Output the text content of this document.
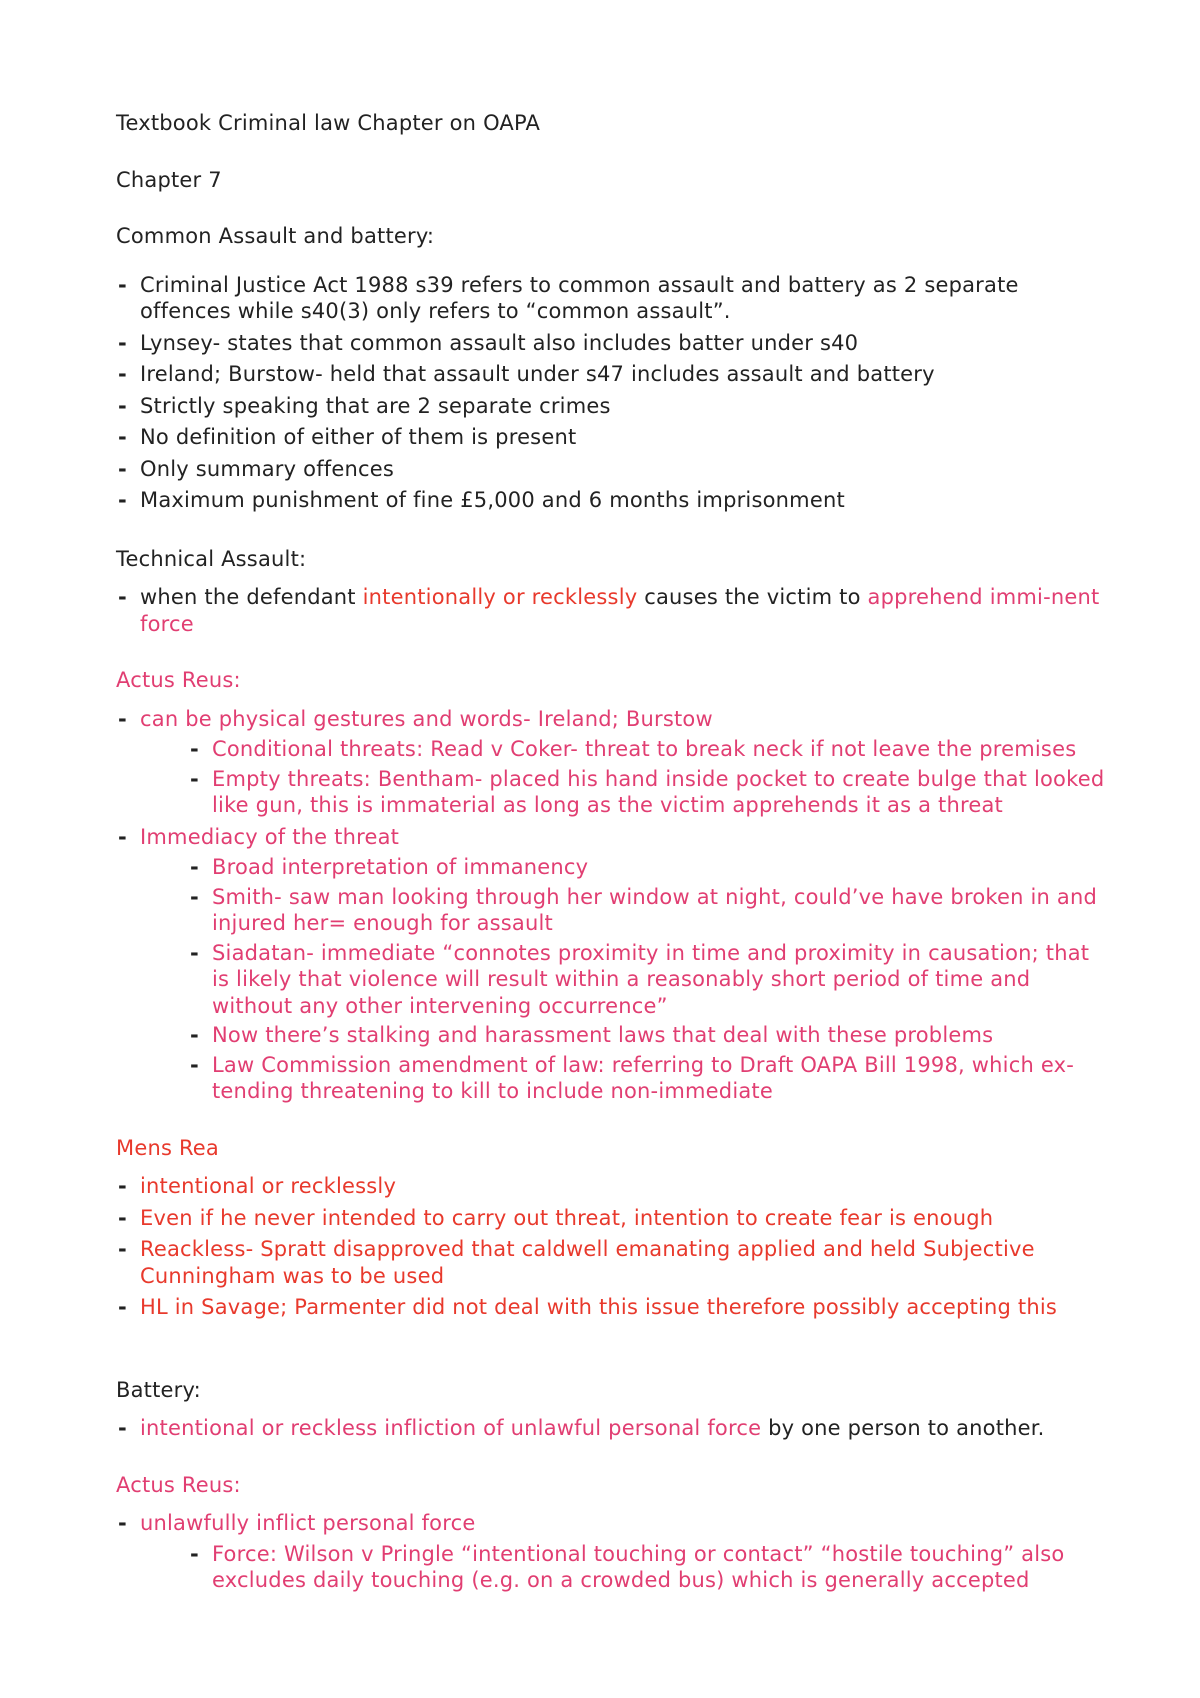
Textbook Criminal law Chapter on OAPA

Chapter 7

Common Assault and battery:

- Criminal Justice Act 1988 s39 refers to common assault and battery as 2 separate offences while s40(3) only refers to “common assault”.
- Lynsey- states that common assault also includes batter under s40
- Ireland; Burstow- held that assault under s47 includes assault and battery
- Strictly speaking that are 2 separate crimes
- No definition of either of them is present
- Only summary offences
- Maximum punishment of fine £5,000 and 6 months imprisonment

Technical Assault:

- when the defendant intentionally or recklessly causes the victim to apprehend immi-nent force

Actus Reus:

- can be physical gestures and words- Ireland; Burstow
- Conditional threats: Read v Coker- threat to break neck if not leave the premises
- Empty threats: Bentham- placed his hand inside pocket to create bulge that looked like gun, this is immaterial as long as the victim apprehends it as a threat
- Immediacy of the threat
- Broad interpretation of immanency
- Smith- saw man looking through her window at night, could’ve have broken in and injured her= enough for assault
- Siadatan- immediate “connotes proximity in time and proximity in causation; that is likely that violence will result within a reasonably short period of time and without any other intervening occurrence”
- Now there’s stalking and harassment laws that deal with these problems
- Law Commission amendment of law: referring to Draft OAPA Bill 1998, which ex-tending threatening to kill to include non-immediate

Mens Rea

- intentional or recklessly
- Even if he never intended to carry out threat, intention to create fear is enough
- Reackless- Spratt disapproved that caldwell emanating applied and held Subjective Cunningham was to be used
- HL in Savage; Parmenter did not deal with this issue therefore possibly accepting this

Battery:

- intentional or reckless infliction of unlawful personal force by one person to another.

Actus Reus:

- unlawfully inflict personal force
- Force: Wilson v Pringle “intentional touching or contact” “hostile touching” also excludes daily touching (e.g. on a crowded bus) which is generally accepted
